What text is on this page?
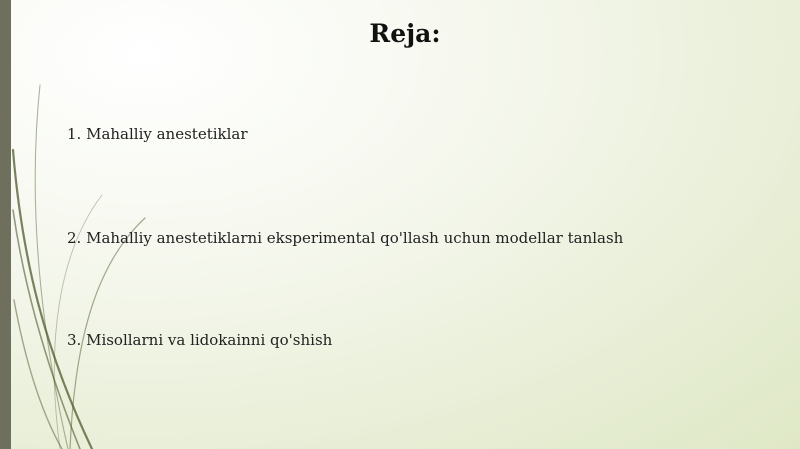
Reja:
1. Mahalliy anestetiklar
2. Mahalliy anestetiklarni eksperimental qo'llash uchun modellar tanlash
3. Misollarni va lidokainni qo'shish
